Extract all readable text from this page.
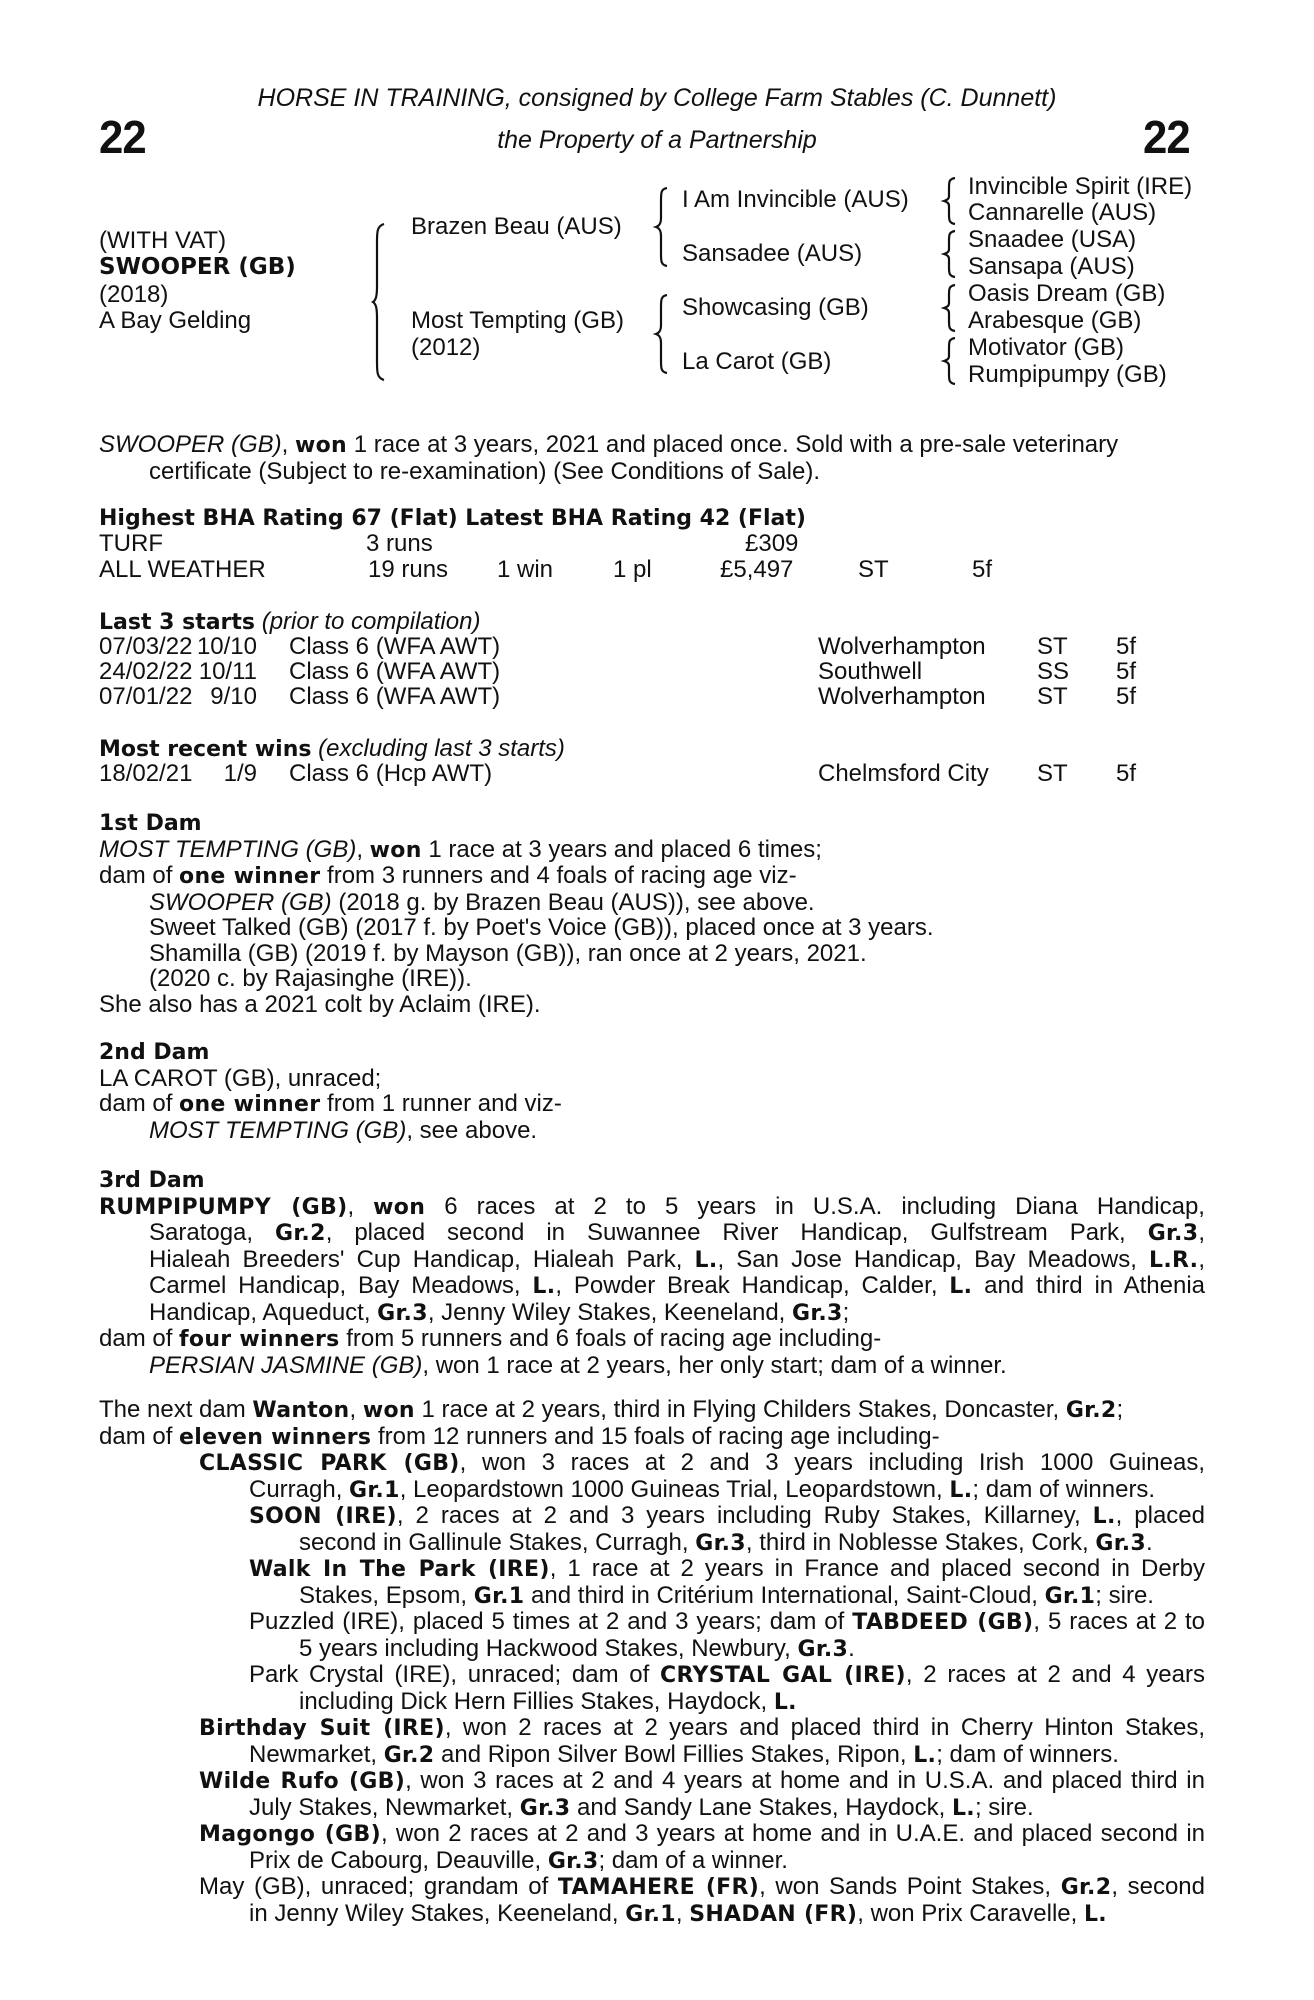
22	22
HORSE IN TRAINING, consigned by College Farm Stables (C. Dunnett)
the Property of a Partnership
(WITH VAT)
SWOOPER (GB)
(2018)
A Bay Gelding
Brazen Beau (AUS)
Most Tempting (GB)
(2012)
I Am Invincible (AUS)
Sansadee (AUS)
Showcasing (GB)
La Carot (GB)
Invincible Spirit (IRE)
Cannarelle (AUS)
Snaadee (USA)
Sansapa (AUS)
Oasis Dream (GB)
Arabesque (GB)
Motivator (GB)
Rumpipumpy (GB)
SWOOPER (GB), won 1 race at 3 years, 2021 and placed once. Sold with a pre-sale veterinary
certificate (Subject to re-examination) (See Conditions of Sale).
Highest BHA Rating 67 (Flat) Latest BHA Rating 42 (Flat)
TURF	3 runs	£309
ALL WEATHER	19 runs 1 win 1 pl	£5,497	ST	5f
Last 3 starts (prior to compilation)
07/03/22 10/10 Class 6 (WFA AWT)	Wolverhampton ST 5f
24/02/22 10/11 Class 6 (WFA AWT)	Southwell	SS 5f
07/01/22 9/10 Class 6 (WFA AWT)	Wolverhampton ST 5f
Most recent wins (excluding last 3 starts)
18/02/21	1/9 Class 6 (Hcp AWT)	Chelmsford City ST 5f
1st Dam
MOST TEMPTING (GB), won 1 race at 3 years and placed 6 times;
dam of one winner from 3 runners and 4 foals of racing age viz-
SWOOPER (GB) (2018 g. by Brazen Beau (AUS)), see above.
Sweet Talked (GB) (2017 f. by Poet's Voice (GB)), placed once at 3 years.
Shamilla (GB) (2019 f. by Mayson (GB)), ran once at 2 years, 2021.
(2020 c. by Rajasinghe (IRE)).
She also has a 2021 colt by Aclaim (IRE).
2nd Dam
LA CAROT (GB), unraced;
dam of one winner from 1 runner and viz-
MOST TEMPTING (GB), see above.
3rd Dam
RUMPIPUMPY (GB), won 6 races at 2 to 5 years in U.S.A. including Diana Handicap,
Saratoga, Gr.2, placed second in Suwannee River Handicap, Gulfstream Park, Gr.3,
Hialeah Breeders' Cup Handicap, Hialeah Park, L., San Jose Handicap, Bay Meadows, L.R.,
Carmel Handicap, Bay Meadows, L., Powder Break Handicap, Calder, L. and third in Athenia
Handicap, Aqueduct, Gr.3, Jenny Wiley Stakes, Keeneland, Gr.3;
dam of four winners from 5 runners and 6 foals of racing age including-
PERSIAN JASMINE (GB), won 1 race at 2 years, her only start; dam of a winner.
The next dam Wanton, won 1 race at 2 years, third in Flying Childers Stakes, Doncaster, Gr.2;
dam of eleven winners from 12 runners and 15 foals of racing age including-
CLASSIC PARK (GB), won 3 races at 2 and 3 years including Irish 1000 Guineas,
Curragh, Gr.1, Leopardstown 1000 Guineas Trial, Leopardstown, L.; dam of winners.
SOON (IRE), 2 races at 2 and 3 years including Ruby Stakes, Killarney, L., placed
second in Gallinule Stakes, Curragh, Gr.3, third in Noblesse Stakes, Cork, Gr.3.
Walk In The Park (IRE), 1 race at 2 years in France and placed second in Derby
Stakes, Epsom, Gr.1 and third in Critérium International, Saint-Cloud, Gr.1; sire.
Puzzled (IRE), placed 5 times at 2 and 3 years; dam of TABDEED (GB), 5 races at 2 to
5 years including Hackwood Stakes, Newbury, Gr.3.
Park Crystal (IRE), unraced; dam of CRYSTAL GAL (IRE), 2 races at 2 and 4 years
including Dick Hern Fillies Stakes, Haydock, L.
Birthday Suit (IRE), won 2 races at 2 years and placed third in Cherry Hinton Stakes,
Newmarket, Gr.2 and Ripon Silver Bowl Fillies Stakes, Ripon, L.; dam of winners.
Wilde Rufo (GB), won 3 races at 2 and 4 years at home and in U.S.A. and placed third in
July Stakes, Newmarket, Gr.3 and Sandy Lane Stakes, Haydock, L.; sire.
Magongo (GB), won 2 races at 2 and 3 years at home and in U.A.E. and placed second in
Prix de Cabourg, Deauville, Gr.3; dam of a winner.
May (GB), unraced; grandam of TAMAHERE (FR), won Sands Point Stakes, Gr.2, second
in Jenny Wiley Stakes, Keeneland, Gr.1, SHADAN (FR), won Prix Caravelle, L.
